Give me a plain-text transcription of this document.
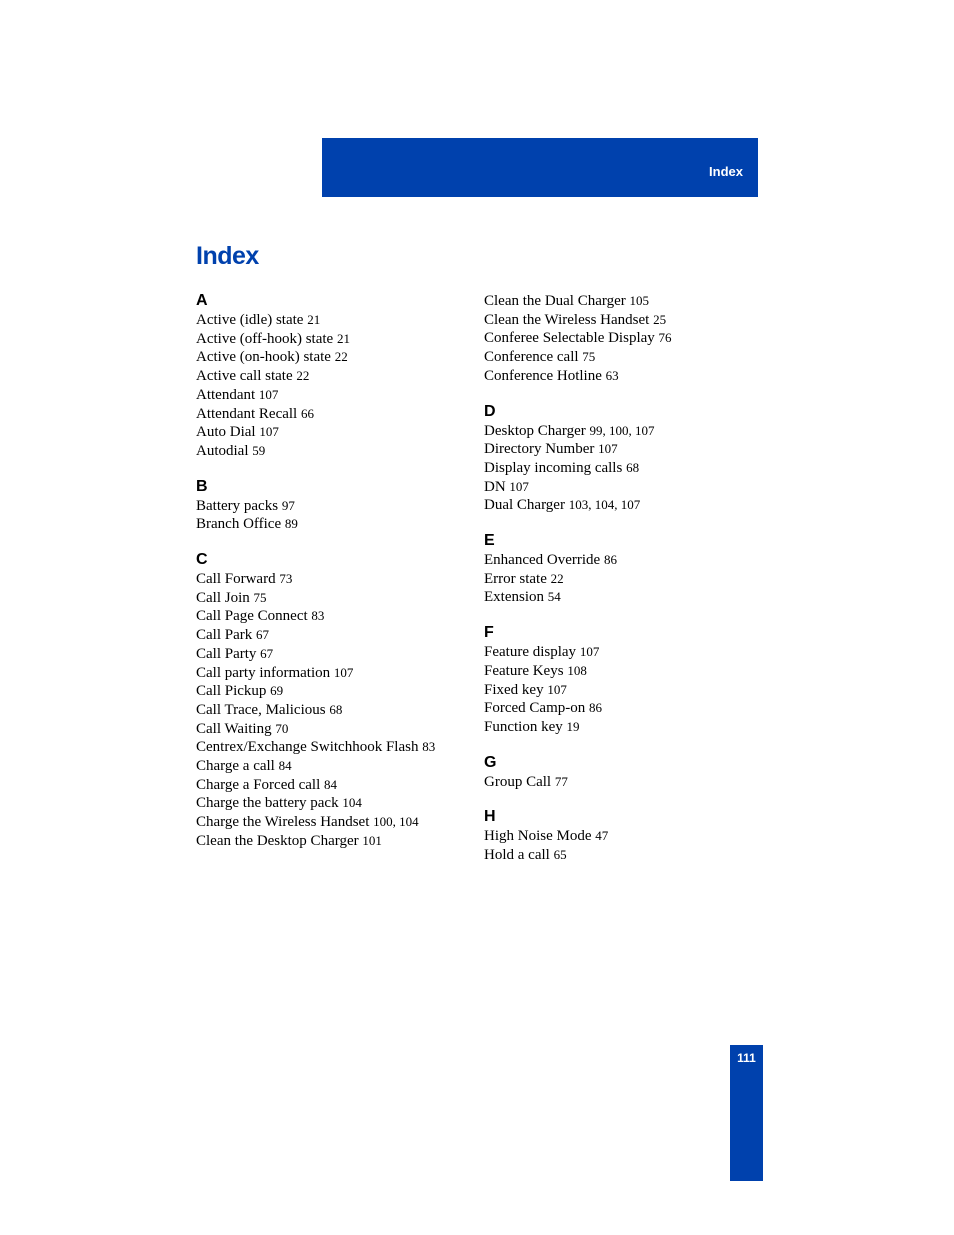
Index
Index
A
Active (idle) state 21
Active (off-hook) state 21
Active (on-hook) state 22
Active call state 22
Attendant 107
Attendant Recall 66
Auto Dial 107
Autodial 59
B
Battery packs 97
Branch Office 89
C
Call Forward 73
Call Join 75
Call Page Connect 83
Call Park 67
Call Party 67
Call party information 107
Call Pickup 69
Call Trace, Malicious 68
Call Waiting 70
Centrex/Exchange Switchhook Flash 83
Charge a call 84
Charge a Forced call 84
Charge the battery pack 104
Charge the Wireless Handset 100, 104
Clean the Desktop Charger 101
Clean the Dual Charger 105
Clean the Wireless Handset 25
Conferee Selectable Display 76
Conference call 75
Conference Hotline 63
D
Desktop Charger 99, 100, 107
Directory Number 107
Display incoming calls 68
DN 107
Dual Charger 103, 104, 107
E
Enhanced Override 86
Error state 22
Extension 54
F
Feature display 107
Feature Keys 108
Fixed key 107
Forced Camp-on 86
Function key 19
G
Group Call 77
H
High Noise Mode 47
Hold a call 65
111
